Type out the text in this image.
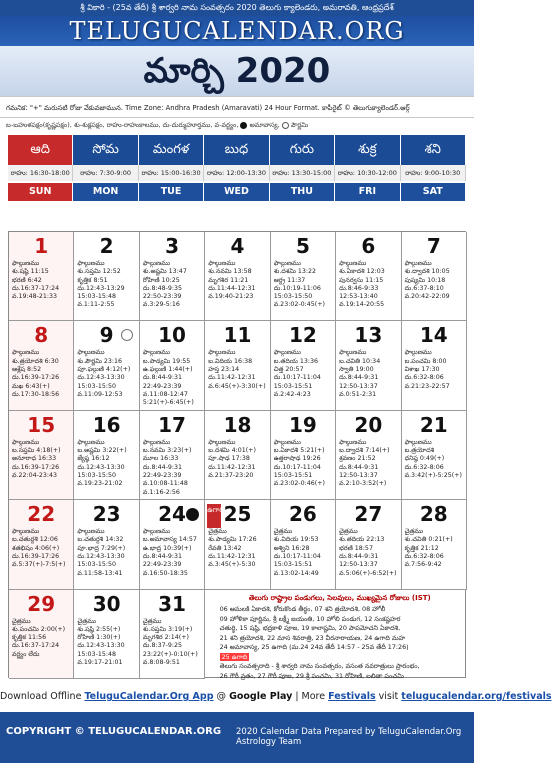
శ్రీ వికారి - (25వ తేదీ) శ్రీ శార్వరి నామ సంవత్సరం 2020 తెలుగు క్యాలెండరు, అమరావతి, ఆంధ్రప్రదేశ్
TELUGUCALENDAR.ORG
మార్చి 2020
గమనిక: "+" మరుసటి రోజు వేకువజామున. Time Zone: Andhra Pradesh (Amaravati) 24 Hour Format. కాపీరైట్ © తెలుగుక్యాలెండర్.ఆర్గ్
బ-బహుళపక్షం(కృష్ణపక్షం), శు-శుక్లపక్షం, రాహు-రాహుకాలము, దు-దుర్ముహూర్తము, వ-వర్జ్యం, అమావాస్య,  పౌర్ణమి
ఆది
రాహు: 16:30-18:00
SUN
సోమ
రాహు: 7:30-9:00
MON
మంగళ
రాహు: 15:00-16:30
TUE
బుధ
రాహు: 12:00-13:30
WED
గురు
రాహు: 13:30-15:00
THU
శుక్ర
రాహు: 10:30-12:00
FRI
శని
రాహు: 9:00-10:30
SAT
తెలుగు రాష్ట్రాల పండుగలు, సెలవులు, ముఖ్యమైన రోజులు (IST)
06 ఆమలకి ఏకాదశి, కోరుకొండ తీర్థం, 07 శని త్రయోదశి, 08 హోలీ
09 హోళికా పూర్ణిమ, శ్రీ లక్ష్మీ జయంతి, 10 హోలి పండుగ, 12 సంకష్టహర
చతుర్థి, 15 షష్ఠి, భద్రకాళి పూజ, 19 కాలాష్టమి, 20 పాపమోచని ఏకాదశి,
21 శని త్రయోదశి, 22 మాస శివరాత్రి, 23 వీరనారాయణ, 24 ఉగాది మహ
24 అమావాస్య, 25 ఉగాది (మ.24 24వ తేదీ 14:57 - 25వ తేదీ 17:26)
25 ఉగాది
తెలుగు సంవత్సరాది - శ్రీ శార్వరి నామ సంవత్సరం, వసంత నవరాత్రులు ప్రారంభం,
26 గౌరీ వ్రతం, 27 గౌరీ పూజ, 29 శ్రీ పంచమి, 31 రోహిణి, లలితా పంచమి
1
ఫాల్గుణము
శు.షష్ఠి 11:15
భరణి 6:42
దు.16:37-17:24
వ.19:48-21:33
2
ఫాల్గుణము
శు.సప్తమి 12:52
కృత్తిక 8:51
దు.12:43-13:29
15:03-15:48
వ.1:11-2:55
3
ఫాల్గుణము
శు.అష్టమి 13:47
రోహిణి 10:25
దు.8:48-9:35
22:50-23:39
వ.3:29-5:16
4
ఫాల్గుణము
శు.నవమి 13:58
మృగశిర 11:21
దు.11:44-12:31
వ.19:40-21:23
5
ఫాల్గుణము
శు.దశమి 13:22
ఆర్ద్ర 11:37
దు.10:19-11:06
15:03-15:50
వ.23:02-0:45(+)
6
ఫాల్గుణము
శు.ఏకాదశి 12:03
పునర్వసు 11:15
దు.8:46-9:33
12:53-13:40
వ.19:14-20:55
7
ఫాల్గుణము
శు.ద్వాదశి 10:05
పుష్యమి 10:18
దు.6:37-8:10
వ.20:42-22:09
8
ఫాల్గుణము
శు.త్రయోదశి 6:30
ఆశ్లేష 8:52
దు.16:39-17:26
మఖ 6:43(+)
దు.17:30-18:56
9
ఫాల్గుణము
శు.పౌర్ణమి 23:16
పూ.ఫల్గుణి 4:12(+)
దు.12:43-13:30
15:03-15:50
వ.11:09-12:53
10
ఫాల్గుణము
బ.పాడ్యమి 19:55
ఉ.ఫల్గుణి 1:44(+)
దు.8:44-9:31
22:49-23:39
వ.11:08-12:47
5:21(+)-6:45(+)
11
ఫాల్గుణము
బ.విదియ 16:38
హస్త 23:14
దు.11:42-12:31
వ.6:45(+)-3:30(+)
12
ఫాల్గుణము
బ.తదియ 13:36
చిత్త 20:57
దు.10:17-11:04
15:03-15:51
వ.2:42-4:23
13
ఫాల్గుణము
బ.చవితి 10:34
స్వాతి 19:00
దు.8:44-9:31
12:50-13:37
వ.0:51-2:31
14
ఫాల్గుణము
బ.పంచమి 8:00
విశాఖ 17:30
దు.6:32-8:06
వ.21:23-22:57
15
ఫాల్గుణము
బ.సప్తమి 4:18(+)
అనూరాధ 16:33
దు.16:39-17:26
వ.22:04-23:43
16
ఫాల్గుణము
బ.అష్టమి 3:22(+)
జ్యేష్ఠ 16:12
దు.12:43-13:30
15:03-15:50
వ.19:23-21:02
17
ఫాల్గుణము
బ.నవమి 3:23(+)
మూల 16:33
దు.8:44-9:31
22:49-23:39
వ.10:08-11:48
వ.1:16-2:56
18
ఫాల్గుణము
బ.దశమి 4:01(+)
పూ.షాఢ 17:38
దు.11:42-12:31
వ.21:37-23:20
19
ఫాల్గుణము
బ.ఏకాదశి 5:21(+)
ఉత్తరాషాఢ 19:26
దు.10:17-11:04
15:03-15:51
వ.23:02-0:46(+)
20
ఫాల్గుణము
బ.ద్వాదశి 7:14(+)
శ్రవణం 21:52
దు.8:44-9:31
12:50-13:37
వ.2:10-3:52(+)
21
ఫాల్గుణము
బ.త్రయోదశి
ధనిష్ఠ 0:49(+)
దు.6:32-8:06
వ.3:42(+)-5:25(+)
22
ఫాల్గుణము
బ.చతుర్దశి 12:06
శతభిషం 4:06(+)
దు.16:39-17:26
వ.5:37(+)-7:5(+)
23
ఫాల్గుణము
బ.చతుర్దశి 14:32
పూ.భాద్ర 7:29(+)
దు.12:43-13:30
15:03-15:50
వ.11:58-13:41
24
ఫాల్గుణము
బ.అమావాస్య 14:57
ఉ.భాద్ర 10:39(+)
దు.8:44-9:31
22:49-23:39
వ.16:50-18:35
25
ఉగాది
చైత్రము
శు.పాడ్యమి 17:26
రేవతి 13:42
దు.11:42-12:31
వ.3:45(+)-5:30
26
చైత్రము
శు.విదియ 19:53
అశ్విని 16:28
దు.10:17-11:04
15:03-15:51
వ.13:02-14:49
27
చైత్రము
శు.తదియ 22:13
భరణి 18:57
దు.8:44-9:31
12:50-13:37
వ.5:06(+)-6:52(+)
28
చైత్రము
శు.చవితి 0:21(+)
కృత్తిక 21:12
దు.6:32-8:06
వ.7:56-9:42
29
చైత్రము
శు.పంచమి 2:00(+)
కృత్తిక 11:56
దు.16:37-17:24
వర్జ్యం లేదు
30
చైత్రము
శు.షష్ఠి 2:55(+)
రోహిణి 1:30(+)
దు.12:43-13:30
15:03-15:48
వ.19:17-21:01
31
చైత్రము
శు.సప్తమి 3:19(+)
మృగశిర 2:14(+)
దు.8:37-9:25
23:22(+)-0:10(+)
వ.8:08-9:51
Download Offline TeluguCalendar.Org App @ Google Play | More Festivals visit telugucalendar.org/festivals
COPYRIGHT © TELUGUCALENDAR.ORG 2020 Calendar Data Prepared by TeluguCalendar.Org Astrology Team
